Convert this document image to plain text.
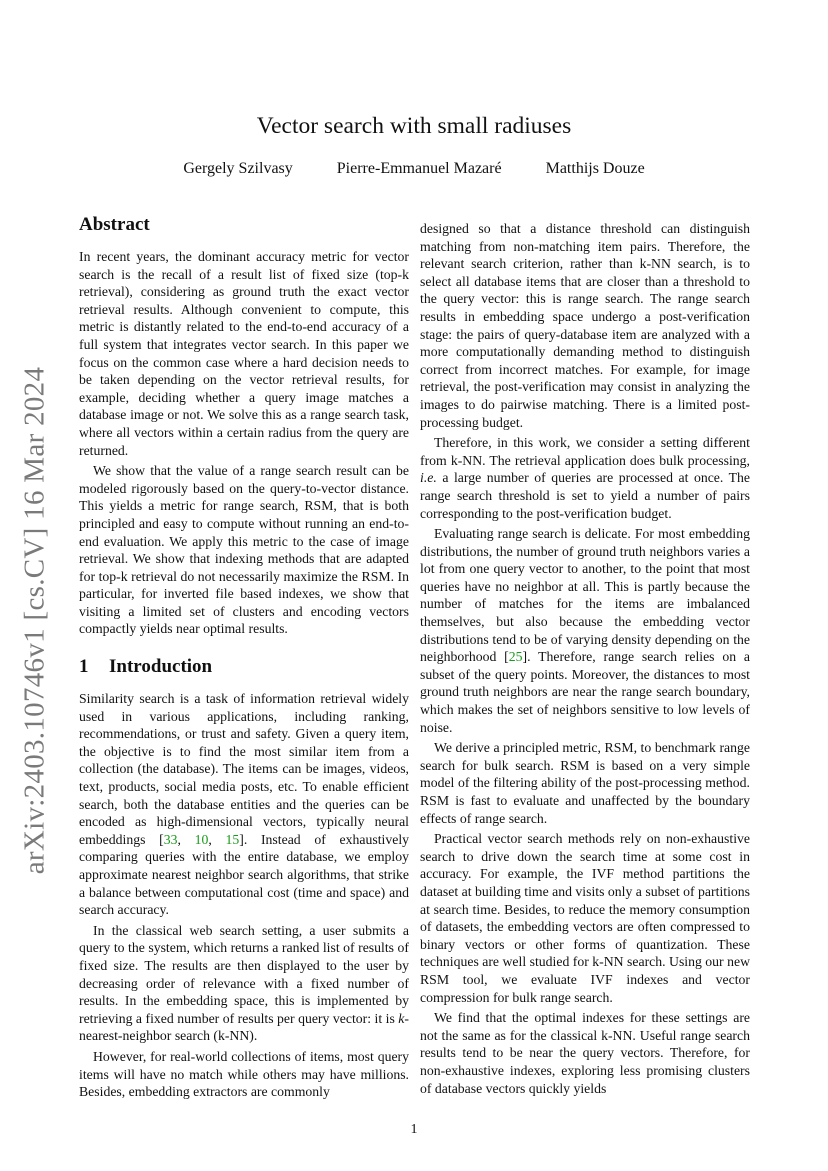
arXiv:2403.10746v1 [cs.CV] 16 Mar 2024
Vector search with small radiuses
Gergely Szilvasy	Pierre-Emmanuel Mazaré	Matthijs Douze
Abstract

In recent years, the dominant accuracy metric for vector search is the recall of a result list of fixed size (top-k retrieval), considering as ground truth the exact vector retrieval results. Although convenient to compute, this metric is distantly related to the end-to-end accuracy of a full system that integrates vector search. In this paper we focus on the common case where a hard decision needs to be taken depending on the vector retrieval results, for example, deciding whether a query image matches a database image or not. We solve this as a range search task, where all vectors within a certain radius from the query are returned.

We show that the value of a range search result can be modeled rigorously based on the query-to-vector distance. This yields a metric for range search, RSM, that is both principled and easy to compute without running an end-to-end evaluation. We apply this metric to the case of image retrieval. We show that indexing methods that are adapted for top-k retrieval do not necessarily maximize the RSM. In particular, for inverted file based indexes, we show that visiting a limited set of clusters and encoding vectors compactly yields near optimal results.

1 Introduction

Similarity search is a task of information retrieval widely used in various applications, including ranking, recommendations, or trust and safety. Given a query item, the objective is to find the most similar item from a collection (the database). The items can be images, videos, text, products, social media posts, etc. To enable efficient search, both the database entities and the queries can be encoded as high-dimensional vectors, typically neural embeddings [33, 10, 15]. Instead of exhaustively comparing queries with the entire database, we employ approximate nearest neighbor search algorithms, that strike a balance between computational cost (time and space) and search accuracy.

In the classical web search setting, a user submits a query to the system, which returns a ranked list of results of fixed size. The results are then displayed to the user by decreasing order of relevance with a fixed number of results. In the embedding space, this is implemented by retrieving a fixed number of results per query vector: it is k-nearest-neighbor search (k-NN).

However, for real-world collections of items, most query items will have no match while others may have millions. Besides, embedding extractors are commonly

designed so that a distance threshold can distinguish matching from non-matching item pairs. Therefore, the relevant search criterion, rather than k-NN search, is to select all database items that are closer than a threshold to the query vector: this is range search. The range search results in embedding space undergo a post-verification stage: the pairs of query-database item are analyzed with a more computationally demanding method to distinguish correct from incorrect matches. For example, for image retrieval, the post-verification may consist in analyzing the images to do pairwise matching. There is a limited post-processing budget.

Therefore, in this work, we consider a setting different from k-NN. The retrieval application does bulk processing, i.e. a large number of queries are processed at once. The range search threshold is set to yield a number of pairs corresponding to the post-verification budget.

Evaluating range search is delicate. For most embedding distributions, the number of ground truth neighbors varies a lot from one query vector to another, to the point that most queries have no neighbor at all. This is partly because the number of matches for the items are imbalanced themselves, but also because the embedding vector distributions tend to be of varying density depending on the neighborhood [25]. Therefore, range search relies on a subset of the query points. Moreover, the distances to most ground truth neighbors are near the range search boundary, which makes the set of neighbors sensitive to low levels of noise.

We derive a principled metric, RSM, to benchmark range search for bulk search. RSM is based on a very simple model of the filtering ability of the post-processing method. RSM is fast to evaluate and unaffected by the boundary effects of range search.

Practical vector search methods rely on non-exhaustive search to drive down the search time at some cost in accuracy. For example, the IVF method partitions the dataset at building time and visits only a subset of partitions at search time. Besides, to reduce the memory consumption of datasets, the embedding vectors are often compressed to binary vectors or other forms of quantization. These techniques are well studied for k-NN search. Using our new RSM tool, we evaluate IVF indexes and vector compression for bulk range search.

We find that the optimal indexes for these settings are not the same as for the classical k-NN. Useful range search results tend to be near the query vectors. Therefore, for non-exhaustive indexes, exploring less promising clusters of database vectors quickly yields

1
